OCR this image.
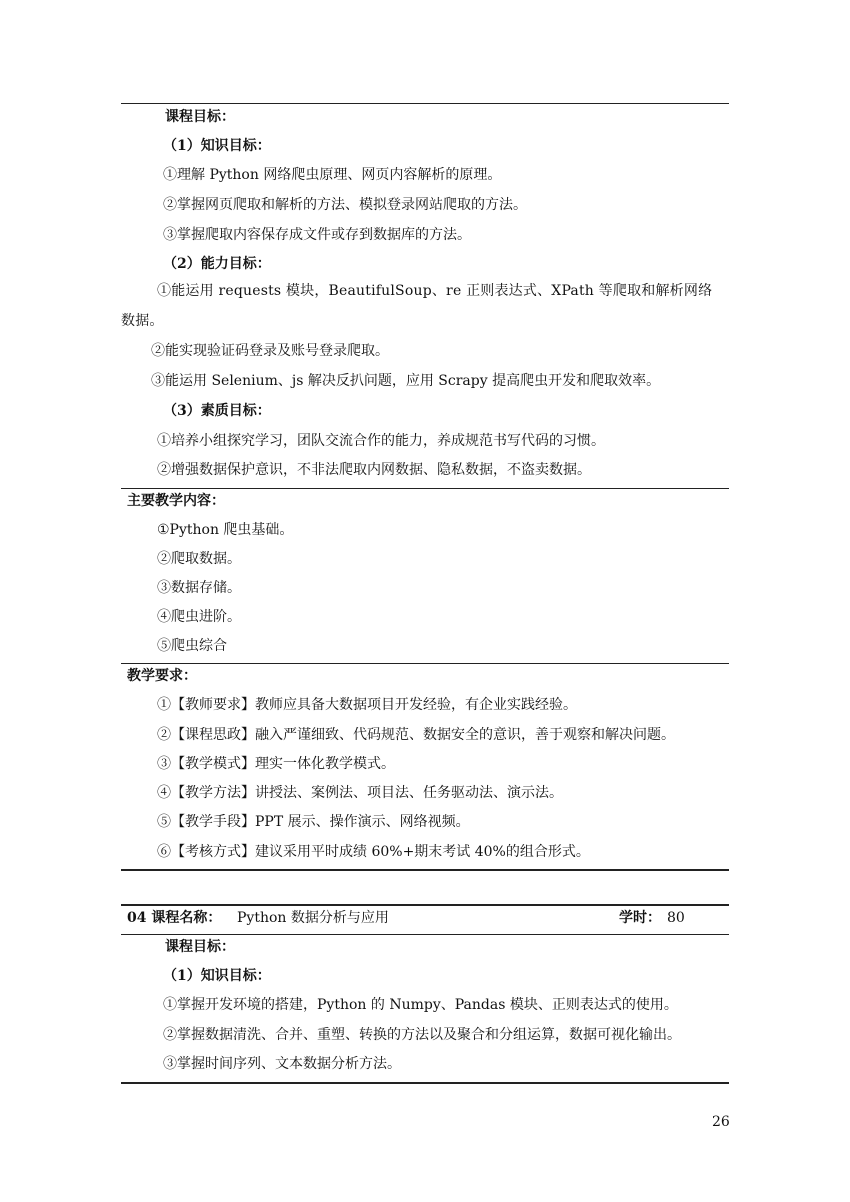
课程目标：
（1）知识目标：
①理解 Python 网络爬虫原理、网页内容解析的原理。
②掌握网页爬取和解析的方法、模拟登录网站爬取的方法。
③掌握爬取内容保存成文件或存到数据库的方法。
（2）能力目标：
①能运用 requests 模块，BeautifulSoup、re 正则表达式、XPath 等爬取和解析网络数据。
②能实现验证码登录及账号登录爬取。
③能运用 Selenium、js 解决反扒问题，应用 Scrapy 提高爬虫开发和爬取效率。
（3）素质目标：
①培养小组探究学习，团队交流合作的能力，养成规范书写代码的习惯。
②增强数据保护意识，不非法爬取内网数据、隐私数据，不盗卖数据。
主要教学内容：
①Python 爬虫基础。
②爬取数据。
③数据存储。
④爬虫进阶。
⑤爬虫综合
教学要求：
①【教师要求】教师应具备大数据项目开发经验，有企业实践经验。
②【课程思政】融入严谨细致、代码规范、数据安全的意识，善于观察和解决问题。
③【教学模式】理实一体化教学模式。
④【教学方法】讲授法、案例法、项目法、任务驱动法、演示法。
⑤【教学手段】PPT 展示、操作演示、网络视频。
⑥【考核方式】建议采用平时成绩 60%+期末考试 40%的组合形式。
04 课程名称： Python 数据分析与应用	学时： 80
课程目标：
（1）知识目标：
①掌握开发环境的搭建，Python 的 Numpy、Pandas 模块、正则表达式的使用。
②掌握数据清洗、合并、重塑、转换的方法以及聚合和分组运算，数据可视化输出。
③掌握时间序列、文本数据分析方法。
26
